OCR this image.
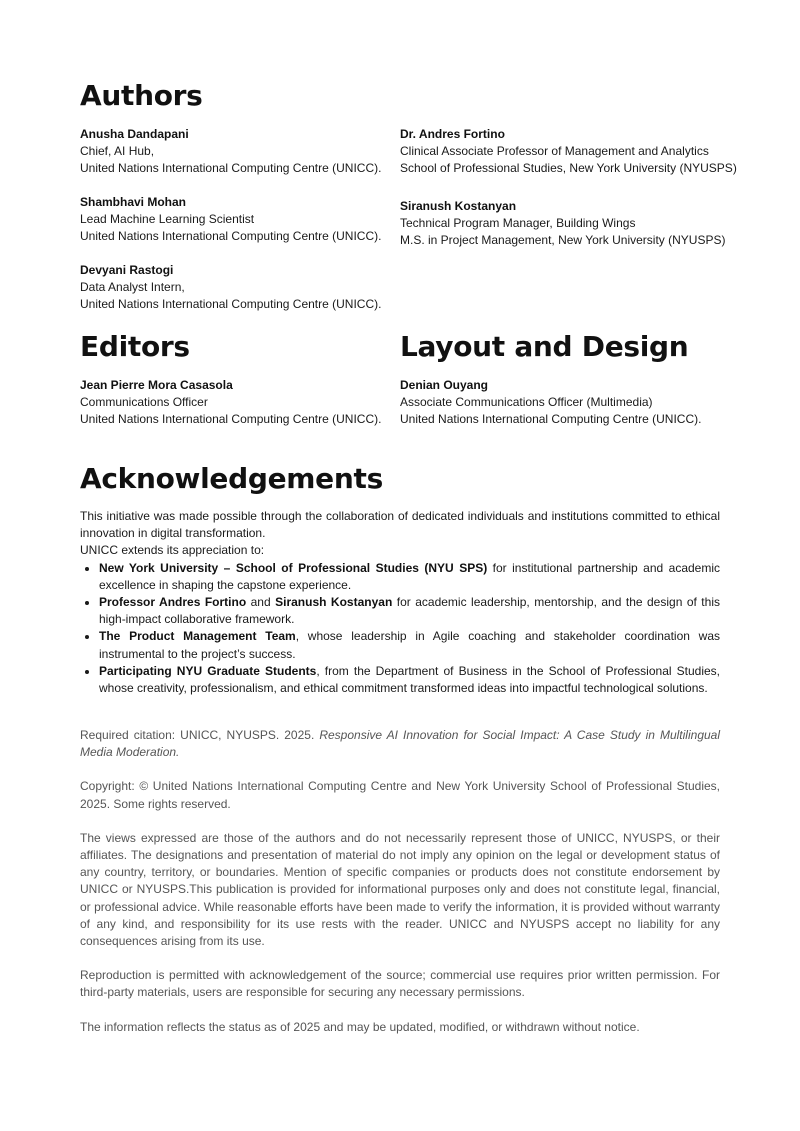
Authors
Anusha Dandapani
Chief, AI Hub,
United Nations International Computing Centre (UNICC).
Shambhavi Mohan
Lead Machine Learning Scientist
United Nations International Computing Centre (UNICC).
Devyani Rastogi
Data Analyst Intern,
United Nations International Computing Centre (UNICC).
Dr. Andres Fortino
Clinical Associate Professor of Management and Analytics
School of Professional Studies, New York University (NYUSPS)
Siranush Kostanyan
Technical Program Manager, Building Wings
M.S. in Project Management, New York University (NYUSPS)
Editors
Jean Pierre Mora Casasola
Communications Officer
United Nations International Computing Centre (UNICC).
Layout and Design
Denian Ouyang
Associate Communications Officer (Multimedia)
United Nations International Computing Centre (UNICC).
Acknowledgements

This initiative was made possible through the collaboration of dedicated individuals and institutions committed to ethical innovation in digital transformation.

UNICC extends its appreciation to:

• New York University – School of Professional Studies (NYU SPS) for institutional partnership and academic excellence in shaping the capstone experience.
• Professor Andres Fortino and Siranush Kostanyan for academic leadership, mentorship, and the design of this high-impact collaborative framework.
• The Product Management Team, whose leadership in Agile coaching and stakeholder coordination was instrumental to the project’s success.
• Participating NYU Graduate Students, from the Department of Business in the School of Professional Studies, whose creativity, professionalism, and ethical commitment transformed ideas into impactful technological solutions.

Required citation: UNICC, NYUSPS. 2025. Responsive AI Innovation for Social Impact: A Case Study in Multilingual Media Moderation.

Copyright: © United Nations International Computing Centre and New York University School of Professional Studies, 2025. Some rights reserved.

The views expressed are those of the authors and do not necessarily represent those of UNICC, NYUSPS, or their affiliates. The designations and presentation of material do not imply any opinion on the legal or development status of any country, territory, or boundaries. Mention of specific companies or products does not constitute endorsement by UNICC or NYUSPS.This publication is provided for informational purposes only and does not constitute legal, financial, or professional advice. While reasonable efforts have been made to verify the information, it is provided without warranty of any kind, and responsibility for its use rests with the reader. UNICC and NYUSPS accept no liability for any consequences arising from its use.

Reproduction is permitted with acknowledgement of the source; commercial use requires prior written permission. For third-party materials, users are responsible for securing any necessary permissions.

The information reflects the status as of 2025 and may be updated, modified, or withdrawn without notice.
